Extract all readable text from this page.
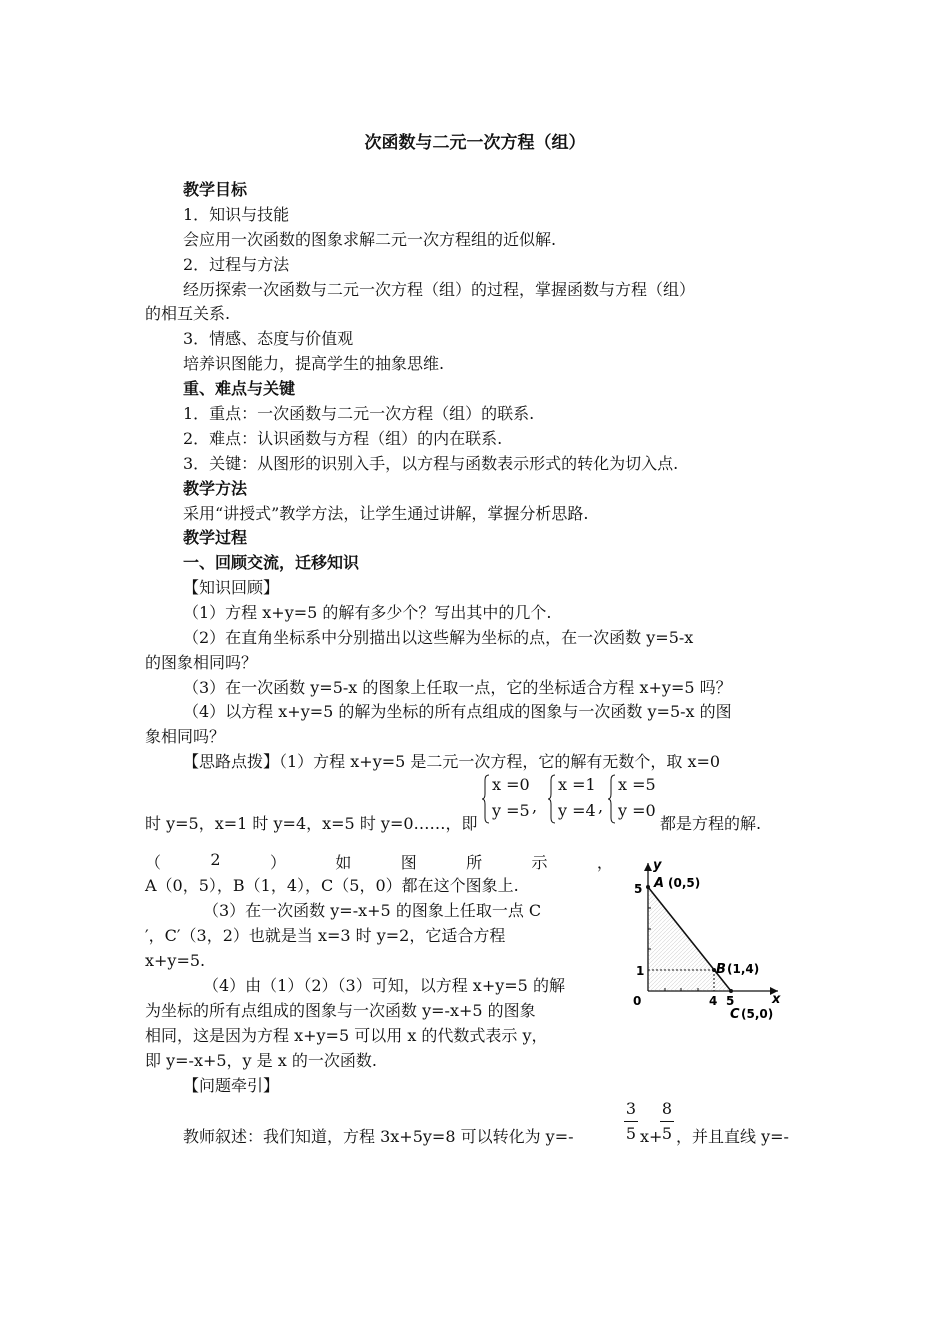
次函数与二元一次方程（组）
教学目标
1．知识与技能
会应用一次函数的图象求解二元一次方程组的近似解.
2．过程与方法
经历探索一次函数与二元一次方程（组）的过程，掌握函数与方程（组）
的相互关系.
3．情感、态度与价值观
培养识图能力，提高学生的抽象思维.
重、难点与关键
1．重点：一次函数与二元一次方程（组）的联系.
2．难点：认识函数与方程（组）的内在联系.
3．关键：从图形的识别入手，以方程与函数表示形式的转化为切入点.
教学方法
采用“讲授式”教学方法，让学生通过讲解，掌握分析思路.
教学过程
一、回顾交流，迁移知识
【知识回顾】
（1）方程 x+y=5 的解有多少个？写出其中的几个.
（2）在直角坐标系中分别描出以这些解为坐标的点，在一次函数 y=5-x
的图象相同吗？
（3）在一次函数 y=5-x 的图象上任取一点，它的坐标适合方程 x+y=5 吗？
（4）以方程 x+y=5 的解为坐标的所有点组成的图象与一次函数 y=5-x 的图
象相同吗？
【思路点拨】（1）方程 x+y=5 是二元一次方程，它的解有无数个，取 x=0
时 y=5，x=1 时 y=4，x=5 时 y=0……，即
x =0
y =5 ,
x =1
y =4 ,
x =5
y =0
都是方程的解.
（	2	）	如	图	所	示	，
A（0，5），B（1，4），C（5，0）都在这个图象上.
（3）在一次函数 y=-x+5 的图象上任取一点 C
′，C′（3，2）也就是当 x=3 时 y=2，它适合方程
x+y=5.
（4）由（1）（2）（3）可知，以方程 x+y=5 的解
为坐标的所有点组成的图象与一次函数 y=-x+5 的图象
相同，这是因为方程 x+y=5 可以用 x 的代数式表示 y，
即 y=-x+5，y 是 x 的一次函数.
y
x
0
5
1
4 5
A (0,5)
B (1,4)
C (5,0)
【问题牵引】
3
5
8
5
教师叙述：我们知道，方程 3x+5y=8 可以转化为 y=-	x+ ，并且直线 y=-
